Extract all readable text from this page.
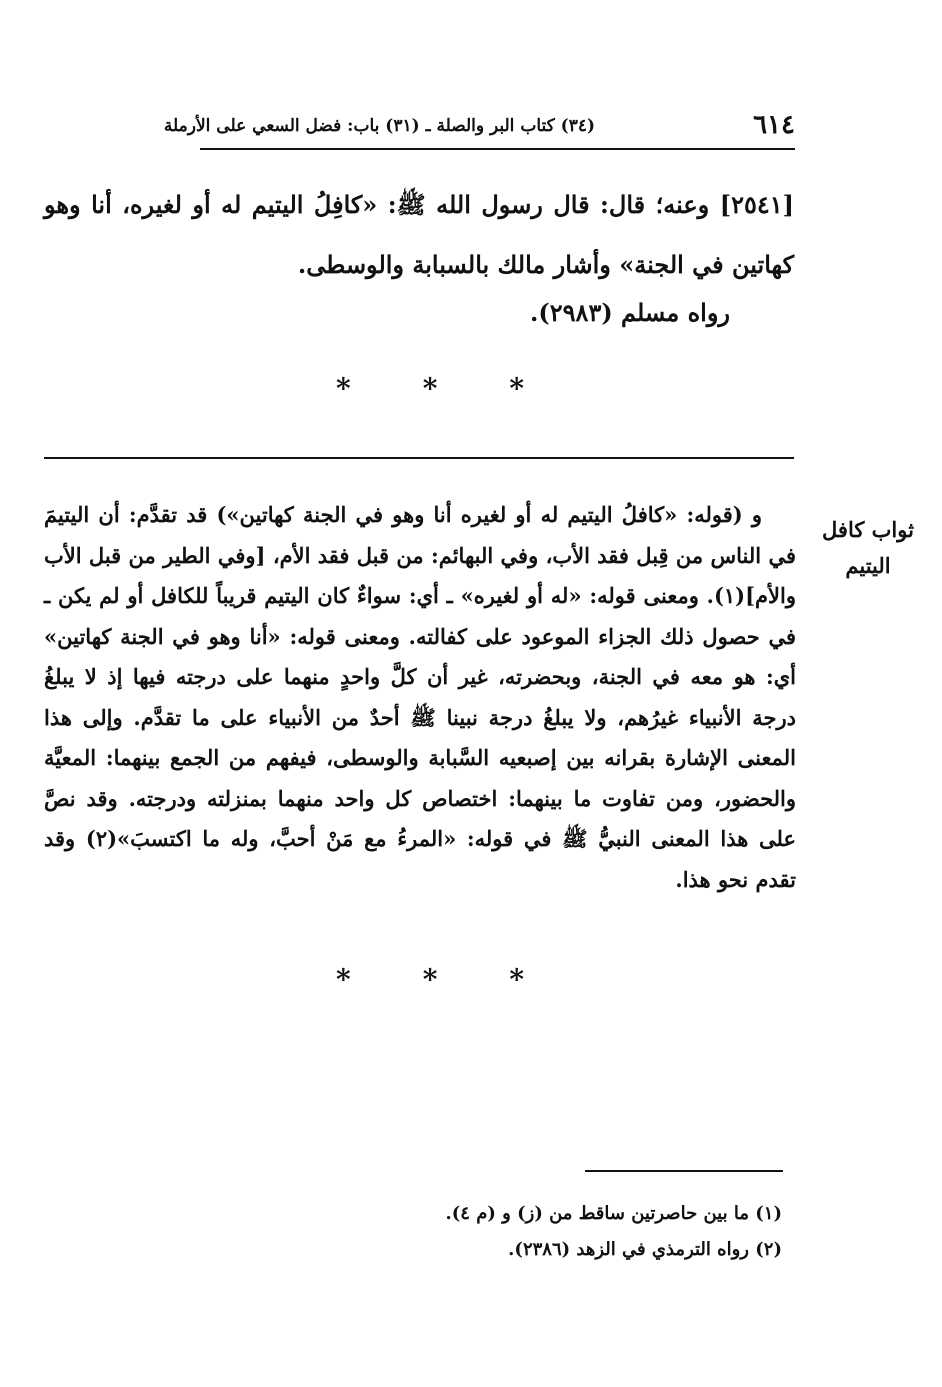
٦١٤
(٣٤) كتاب البر والصلة ـ (٣١) باب: فضل السعي على الأرملة
[٢٥٤١] وعنه؛ قال: قال رسول الله ﷺ: «كافِلُ اليتيم له أو لغيره، أنا وهو كهاتين في الجنة» وأشار مالك بالسبابة والوسطى.
رواه مسلم (٢٩٨٣).
*
*
*
ثواب كافل
اليتيم
و (قوله: «كافلُ اليتيم له أو لغيره أنا وهو في الجنة كهاتين») قد تقدَّم: أن اليتيمَ في الناس من قِبل فقد الأب، وفي البهائم: من قبل فقد الأم، [وفي الطير من قبل الأب والأم](١). ومعنى قوله: «له أو لغيره» ـ أي: سواءٌ كان اليتيم قريباً للكافل أو لم يكن ـ في حصول ذلك الجزاء الموعود على كفالته. ومعنى قوله: «أنا وهو في الجنة كهاتين» أي: هو معه في الجنة، وبحضرته، غير أن كلَّ واحدٍ منهما على درجته فيها إذ لا يبلغُ درجة الأنبياء غيرُهم، ولا يبلغُ درجة نبينا ﷺ أحدٌ من الأنبياء على ما تقدَّم. وإلى هذا المعنى الإشارة بقرانه بين إصبعيه السَّبابة والوسطى، فيفهم من الجمع بينهما: المعيَّة والحضور، ومن تفاوت ما بينهما: اختصاص كل واحد منهما بمنزلته ودرجته. وقد نصَّ على هذا المعنى النبيُّ ﷺ في قوله: «المرءُ مع مَنْ أحبَّ، وله ما اكتسبَ»(٢) وقد تقدم نحو هذا.
*
*
*
(١) ما بين حاصرتين ساقط من (ز) و (م ٤).
(٢) رواه الترمذي في الزهد (٢٣٨٦).
